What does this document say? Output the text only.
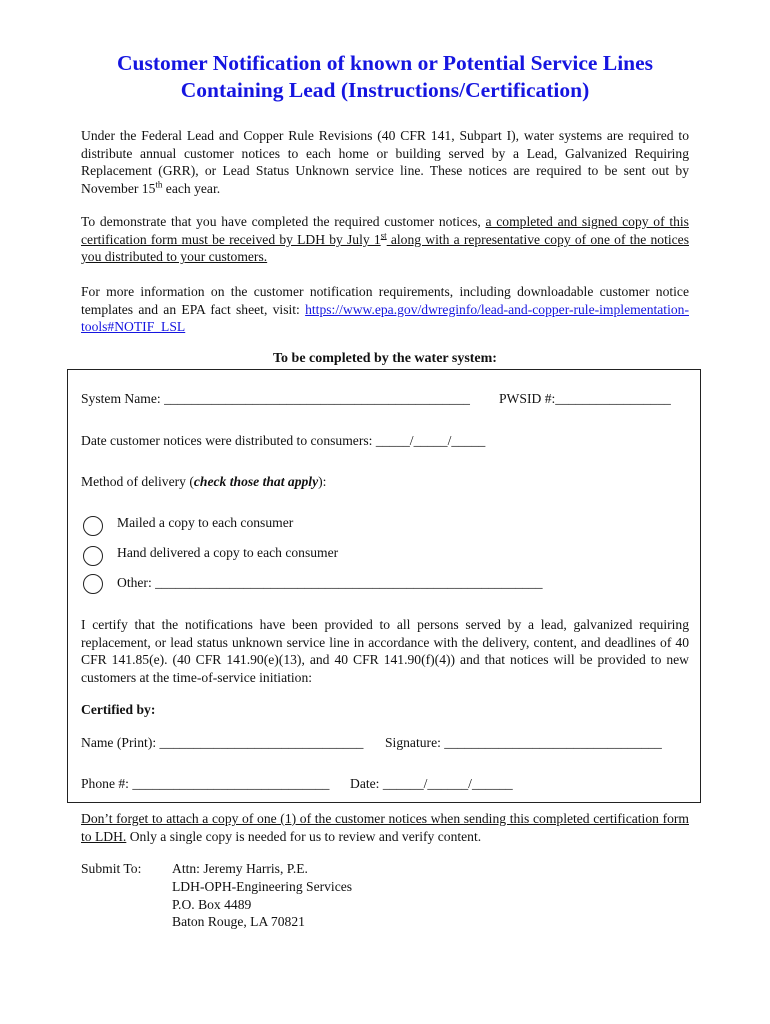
Customer Notification of known or Potential Service Lines
Containing Lead (Instructions/Certification)
Under the Federal Lead and Copper Rule Revisions (40 CFR 141, Subpart I), water systems are required to distribute annual customer notices to each home or building served by a Lead, Galvanized Requiring Replacement (GRR), or Lead Status Unknown service line. These notices are required to be sent out by November 15th each year.
To demonstrate that you have completed the required customer notices, a completed and signed copy of this certification form must be received by LDH by July 1st along with a representative copy of one of the notices you distributed to your customers.
For more information on the customer notification requirements, including downloadable customer notice templates and an EPA fact sheet, visit: https://www.epa.gov/dwreginfo/lead-and-copper-rule-implementation-tools#NOTIF_LSL
To be completed by the water system:
System Name: _____________________________________________ PWSID #:_________________
Date customer notices were distributed to consumers: _____/_____/_____
Method of delivery (check those that apply):
Mailed a copy to each consumer
Hand delivered a copy to each consumer
Other: _________________________________________________________
I certify that the notifications have been provided to all persons served by a lead, galvanized requiring replacement, or lead status unknown service line in accordance with the delivery, content, and deadlines of 40 CFR 141.85(e). (40 CFR 141.90(e)(13), and 40 CFR 141.90(f)(4)) and that notices will be provided to new customers at the time-of-service initiation:
Certified by:
Name (Print): ______________________________ Signature: ________________________________
Phone #: _____________________________ Date: ______/______/______
Don’t forget to attach a copy of one (1) of the customer notices when sending this completed certification form to LDH. Only a single copy is needed for us to review and verify content.
Submit To: Attn: Jeremy Harris, P.E.
LDH-OPH-Engineering Services
P.O. Box 4489
Baton Rouge, LA 70821
